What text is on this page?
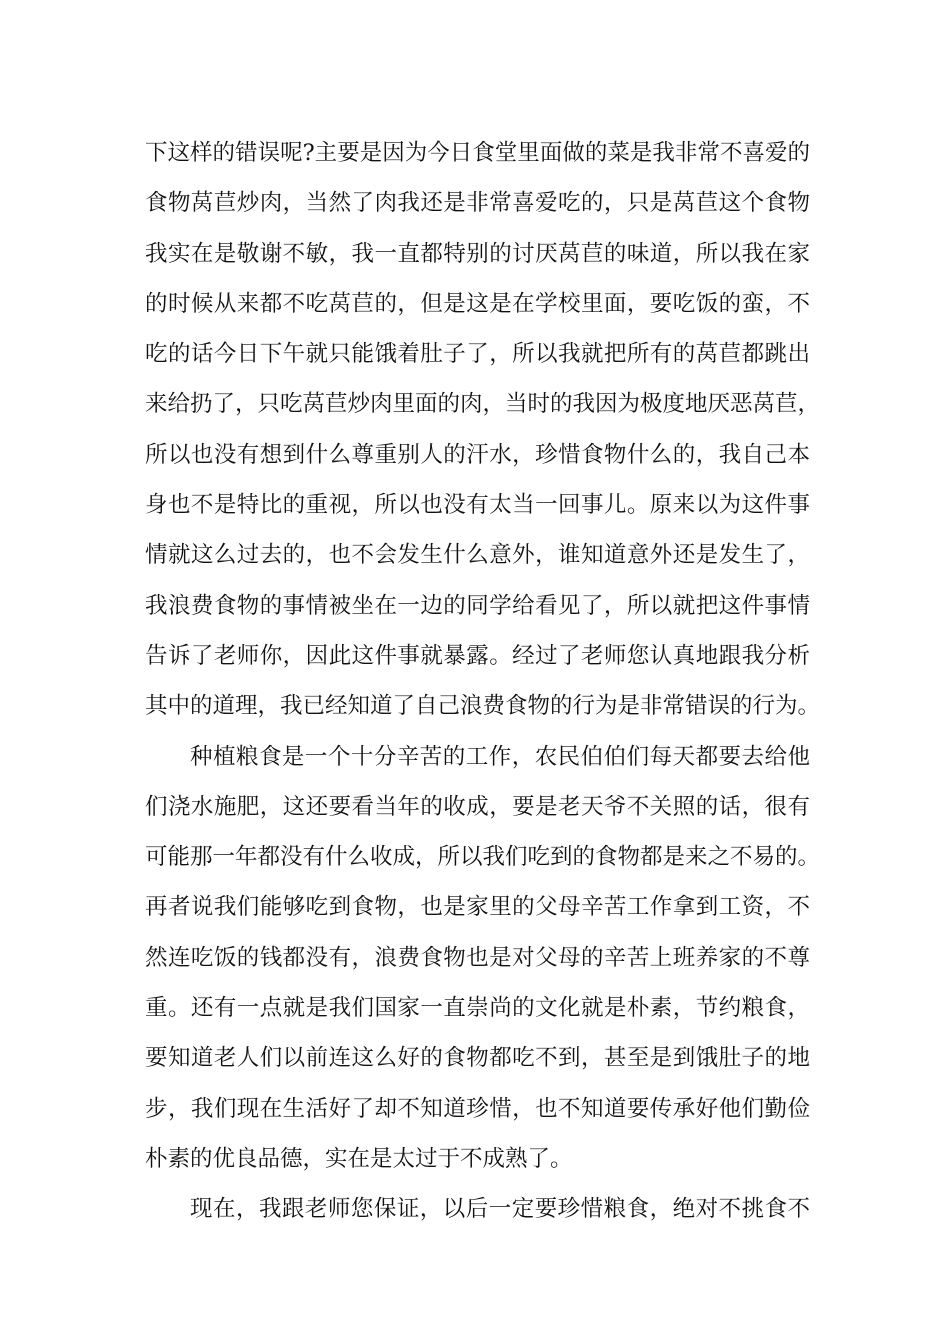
下这样的错误呢?主要是因为今日食堂里面做的菜是我非常不喜爱的
食物莴苣炒肉，当然了肉我还是非常喜爱吃的，只是莴苣这个食物
我实在是敬谢不敏，我一直都特别的讨厌莴苣的味道，所以我在家
的时候从来都不吃莴苣的，但是这是在学校里面，要吃饭的蛮，不
吃的话今日下午就只能饿着肚子了，所以我就把所有的莴苣都跳出
来给扔了，只吃莴苣炒肉里面的肉，当时的我因为极度地厌恶莴苣，
所以也没有想到什么尊重别人的汗水，珍惜食物什么的，我自己本
身也不是特比的重视，所以也没有太当一回事儿。原来以为这件事
情就这么过去的，也不会发生什么意外，谁知道意外还是发生了，
我浪费食物的事情被坐在一边的同学给看见了，所以就把这件事情
告诉了老师你，因此这件事就暴露。经过了老师您认真地跟我分析
其中的道理，我已经知道了自己浪费食物的行为是非常错误的行为。
种植粮食是一个十分辛苦的工作，农民伯伯们每天都要去给他
们浇水施肥，这还要看当年的收成，要是老天爷不关照的话，很有
可能那一年都没有什么收成，所以我们吃到的食物都是来之不易的。
再者说我们能够吃到食物，也是家里的父母辛苦工作拿到工资，不
然连吃饭的钱都没有，浪费食物也是对父母的辛苦上班养家的不尊
重。还有一点就是我们国家一直崇尚的文化就是朴素，节约粮食，
要知道老人们以前连这么好的食物都吃不到，甚至是到饿肚子的地
步，我们现在生活好了却不知道珍惜，也不知道要传承好他们勤俭
朴素的优良品德，实在是太过于不成熟了。
现在，我跟老师您保证，以后一定要珍惜粮食，绝对不挑食不
